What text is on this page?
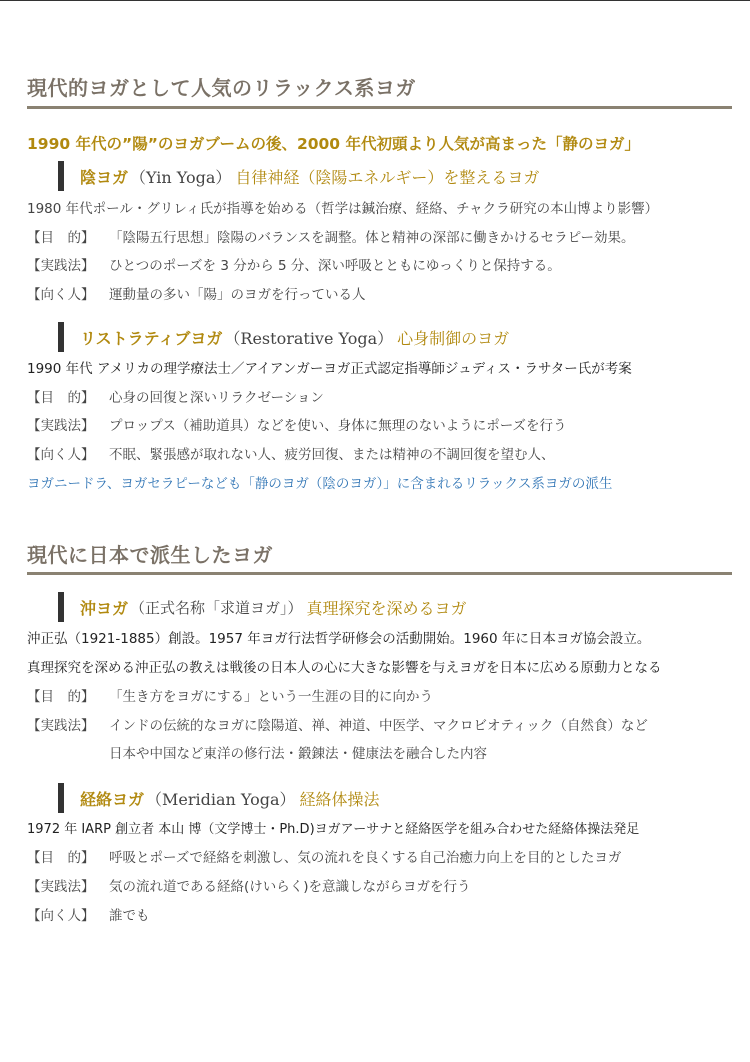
現代的ヨガとして人気のリラックス系ヨガ

1990 年代の”陽”のヨガブームの後、2000 年代初頭より人気が高まった「静のヨガ」

陰ヨガ （Yin Yoga） 自律神経（陰陽エネルギー）を整えるヨガ

1980 年代ポール・グリレィ氏が指導を始める（哲学は鍼治療、経絡、チャクラ研究の本山博より影響）

【目　的】 「陰陽五行思想」陰陽のバランスを調整。体と精神の深部に働きかけるセラピー効果。

【実践法】 ひとつのポーズを 3 分から 5 分、深い呼吸とともにゆっくりと保持する。

【向く人】 運動量の多い「陽」のヨガを行っている人

リストラティブヨガ （Restorative Yoga） 心身制御のヨガ

1990 年代 アメリカの理学療法士／アイアンガーヨガ正式認定指導師ジュディス・ラサター氏が考案

【目　的】 心身の回復と深いリラクゼーション

【実践法】 プロップス（補助道具）などを使い、身体に無理のないようにポーズを行う

【向く人】 不眠、緊張感が取れない人、疲労回復、または精神の不調回復を望む人、

ヨガニードラ、ヨガセラピーなども「静のヨガ（陰のヨガ）」に含まれるリラックス系ヨガの派生

現代に日本で派生したヨガ
沖ヨガ （正式名称「求道ヨガ」） 真理探究を深めるヨガ

沖正弘（1921-1885）創設。1957 年ヨガ行法哲学研修会の活動開始。1960 年に日本ヨガ協会設立。

真理探究を深める沖正弘の教えは戦後の日本人の心に大きな影響を与えヨガを日本に広める原動力となる

【目　的】 「生き方をヨガにする」という一生涯の目的に向かう

【実践法】 インドの伝統的なヨガに陰陽道、禅、神道、中医学、マクロビオティック（自然食）など

日本や中国など東洋の修行法・鍛錬法・健康法を融合した内容

経絡ヨガ （Meridian Yoga） 経絡体操法

1972 年 IARP 創立者 本山 博（文学博士・Ph.D)ヨガアーサナと経絡医学を組み合わせた経絡体操法発足

【目　的】 呼吸とポーズで経絡を刺激し、気の流れを良くする自己治癒力向上を目的としたヨガ

【実践法】 気の流れ道である経絡(けいらく)を意識しながらヨガを行う

【向く人】 誰でも
